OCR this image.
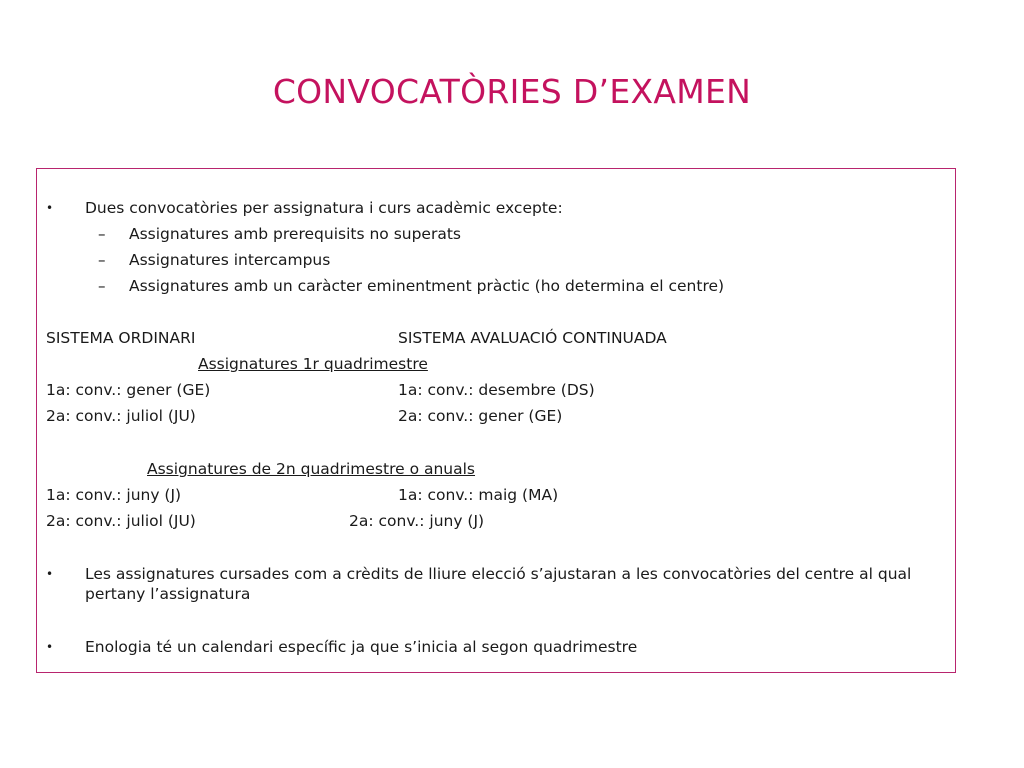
CONVOCATÒRIES D’EXAMEN
• Dues convocatòries per assignatura i curs acadèmic excepte:
– Assignatures amb prerequisits no superats
– Assignatures intercampus
– Assignatures amb un caràcter eminentment pràctic (ho determina el centre)
SISTEMA ORDINARI	SISTEMA AVALUACIÓ CONTINUADA
Assignatures 1r quadrimestre
1a: conv.: gener (GE)	1a: conv.: desembre (DS)
2a: conv.: juliol (JU)	2a: conv.: gener (GE)
Assignatures de 2n quadrimestre o anuals
1a: conv.: juny (J)	1a: conv.: maig (MA)
2a: conv.: juliol (JU)	2a: conv.: juny (J)
• Les assignatures cursades com a crèdits de lliure elecció s’ajustaran a les convocatòries del centre al qual pertany l’assignatura
• Enologia té un calendari específic ja que s’inicia al segon quadrimestre
